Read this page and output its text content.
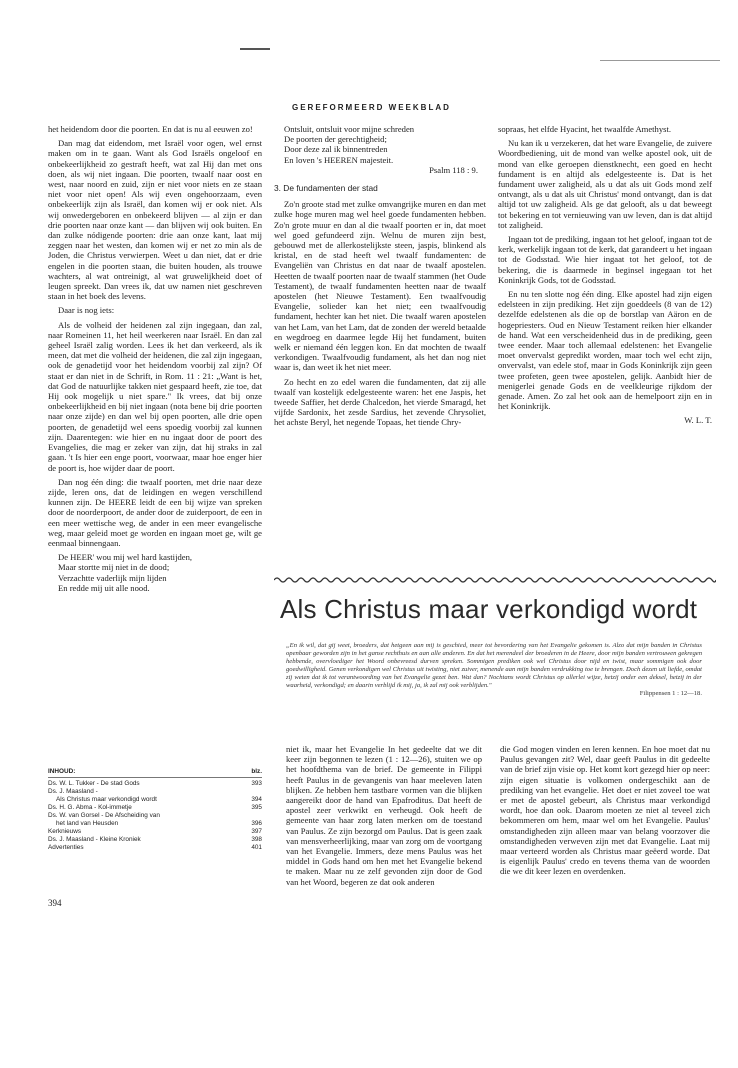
GEREFORMEERD WEEKBLAD

het heidendom door die poorten. En dat is nu al eeuwen zo!

Dan mag dat eidendom, met Israël voor ogen, wel ernst maken om in te gaan. Want als God Israëls ongeloof en onbekeerlijkheid zo gestraft heeft, wat zal Hij dan met ons doen, als wij niet ingaan. Die poorten, twaalf naar oost en west, naar noord en zuid, zijn er niet voor niets en ze staan niet voor niet open! Als wij even ongehoorzaam, even onbekeerlijk zijn als Israël, dan komen wij er ook niet. Als wij onwedergeboren en onbekeerd blijven — al zijn er dan drie poorten naar onze kant — dan blijven wij ook buiten. En dan zulke nódigende poorten: drie aan onze kant, laat mij zeggen naar het westen, dan komen wij er net zo min als de Joden, die Christus verwierpen. Weet u dan niet, dat er drie engelen in die poorten staan, die buiten houden, als trouwe wachters, al wat ontreinigt, al wat gruwelijkheid doet of leugen spreekt. Dan vrees ik, dat uw namen niet geschreven staan in het boek des levens.

Daar is nog iets:

Als de volheid der heidenen zal zijn ingegaan, dan zal, naar Romeinen 11, het heil weerkeren naar Israël. En dan zal geheel Israël zalig worden. Lees ik het dan verkeerd, als ik meen, dat met die volheid der heidenen, die zal zijn ingegaan, ook de genadetijd voor het heidendom voorbij zal zijn? Of staat er dan niet in de Schrift, in Rom. 11 : 21: „Want is het, dat God de natuurlijke takken niet gespaard heeft, zie toe, dat Hij ook mogelijk u niet spare." Ik vrees, dat bij onze onbekeerlijkheid en bij niet ingaan (nota bene bij drie poorten naar onze zijde) en dan wel bij open poorten, alle drie open poorten, de genadetijd wel eens spoedig voorbij zal kunnen zijn. Daarentegen: wie hier en nu ingaat door de poort des Evangelies, die mag er zeker van zijn, dat hij straks in zal gaan. 't Is hier een enge poort, voorwaar, maar hoe enger hier de poort is, hoe wijder daar de poort.

Dan nog één ding: die twaalf poorten, met drie naar deze zijde, leren ons, dat de leidingen en wegen verschillend kunnen zijn. De HEERE leidt de een bij wijze van spreken door de noorderpoort, de ander door de zuiderpoort, de een in een meer wettische weg, de ander in een meer evangelische weg, maar geleid moet ge worden en ingaan moet ge, wilt ge eenmaal binnengaan.

De HEER' wou mij wel hard kastijden,
Maar stortte mij niet in de dood;
Verzachtte vaderlijk mijn lijden
En redde mij uit alle nood.
INHOUD:	blz.
Ds. W. L. Tukker - De stad Gods	393
Ds. J. Maasland -
Als Christus maar verkondigd wordt	394
Ds. H. G. Abma - Kol-immetje	395
Ds. W. van Gorsel - De Afscheiding van
het land van Heusden	396
Kerknieuws	397
Ds. J. Maasland - Kleine Kroniek	398
Advertenties	401
394
Ontsluit, ontsluit voor mijne schreden
De poorten der gerechtigheid;
Door deze zal ik binnentreden
En loven 's HEEREN majesteit.
Psalm 118 : 9.
3. De fundamenten der stad

Zo'n groote stad met zulke omvangrijke muren en dan met zulke hoge muren mag wel heel goede fundamenten hebben. Zo'n grote muur en dan al die twaalf poorten er in, dat moet wel goed gefundeerd zijn. Welnu de muren zijn best, gebouwd met de allerkostelijkste steen, jaspis, blinkend als kristal, en de stad heeft wel twaalf fundamenten: de Evangeliën van Christus en dat naar de twaalf apostelen. Heetten de twaalf poorten naar de twaalf stammen (het Oude Testament), de twaalf fundamenten heetten naar de twaalf apostelen (het Nieuwe Testament). Een twaalfvoudig Evangelie, solieder kan het niet; een twaalfvoudig fundament, hechter kan het niet. Die twaalf waren apostelen van het Lam, van het Lam, dat de zonden der wereld betaalde en wegdroeg en daarmee legde Hij het fundament, buiten welk er niemand één leggen kon. En dat mochten de twaalf verkondigen. Twaalfvoudig fundament, als het dan nog niet waar is, dan weet ik het niet meer.

Zo hecht en zo edel waren die fundamenten, dat zij alle twaalf van kostelijk edelgesteente waren: het ene Jaspis, het tweede Saffier, het derde Chalcedon, het vierde Smaragd, het vijfde Sardonix, het zesde Sardius, het zevende Chrysoliet, het achste Beryl, het negende Topaas, het tiende Chry-

sopraas, het elfde Hyacint, het twaalfde Amethyst.

Nu kan ik u verzekeren, dat het ware Evangelie, de zuivere Woordbediening, uit de mond van welke apostel ook, uit de mond van elke geroepen dienstknecht, een goed en hecht fundament is en altijd als edelgesteente is. Dat is het fundament uwer zaligheid, als u dat als uit Gods mond zelf ontvangt, als u dat als uit Christus' mond ontvangt, dan is dat altijd tot uw zaligheid. Als ge dat gelooft, als u dat beweegt tot bekering en tot vernieuwing van uw leven, dan is dat altijd tot zaligheid.

Ingaan tot de prediking, ingaan tot het geloof, ingaan tot de kerk, werkelijk ingaan tot de kerk, dat garandeert u het ingaan tot de Godsstad. Wie hier ingaat tot het geloof, tot de bekering, die is daarmede in beginsel ingegaan tot het Koninkrijk Gods, tot de Godsstad.

En nu ten slotte nog één ding. Elke apostel had zijn eigen edelsteen in zijn prediking. Het zijn goeddeels (8 van de 12) dezelfde edelstenen als die op de borstlap van Aäron en de hogepriesters. Oud en Nieuw Testament reiken hier elkander de hand. Wat een verscheidenheid dus in de prediking, geen twee eender. Maar toch allemaal edelstenen: het Evangelie moet onvervalst gepredikt worden, maar toch wel echt zijn, onvervalst, van edele stof, maar in Gods Koninkrijk zijn geen twee profeten, geen twee apostelen, gelijk. Aanbidt hier de menigerlei genade Gods en de veelkleurige rijkdom der genade. Amen. Zo zal het ook aan de hemelpoort zijn en in het Koninkrijk.

W. L. T.
Als Christus maar verkondigd wordt
„En ik wil, dat gij weet, broeders, dat hetgeen aan mij is geschied, meer tot bevordering van het Evangelie gekomen is. Alzo dat mijn banden in Christus openbaar geworden zijn in het ganse rechthuis en aan alle anderen. En dat het merendeel der broederen in de Heere, door mijn banden vertrouwen gekregen hebbende, overvloediger het Woord onbevreesd durven spreken. Sommigen prediken ook wel Christus door nijd en twist, maar sommigen ook door goedwilligheid. Genen verkondigen wel Christus uit twisting, niet zuiver, menende aan mijn banden verdrukking toe te brengen. Doch dezen uit liefde, omdat zij weten dat ik tot verantwoording van het Evangelie gezet ben. Wat dan? Nochtans wordt Christus op allerlei wijze, hetzij onder een deksel, hetzij in der waarheid, verkondigd; en daarin verblijd ik mij, ja, ik zal mij ook verblijden."
Filippensen 1 : 12—18.

niet ik, maar het Evangelie In het gedeelte dat we dit keer zijn begonnen te lezen (1 : 12—26), stuiten we op het hoofdthema van de brief. De gemeente in Filippi heeft Paulus in de gevangenis van haar meeleven laten blijken. Ze hebben hem tastbare vormen van die blijken aangereikt door de hand van Epafroditus. Dat heeft de apostel zeer verkwikt en verheugd. Ook heeft de gemeente van haar zorg laten merken om de toestand van Paulus. Ze zijn bezorgd om Paulus. Dat is geen zaak van mensverheerlijking, maar van zorg om de voortgang van het Evangelie. Immers, deze mens Paulus was het middel in Gods hand om hen met het Evangelie bekend te maken. Maar nu ze zelf gevonden zijn door de God van het Woord, begeren ze dat ook anderen

die God mogen vinden en leren kennen. En hoe moet dat nu Paulus gevangen zit? Wel, daar geeft Paulus in dit gedeelte van de brief zijn visie op. Het komt kort gezegd hier op neer: zijn eigen situatie is volkomen ondergeschikt aan de prediking van het evangelie. Het doet er niet zoveel toe wat er met de apostel gebeurt, als Christus maar verkondigd wordt, hoe dan ook. Daarom moeten ze niet al teveel zich bekommeren om hem, maar wel om het Evangelie. Paulus' omstandigheden zijn alleen maar van belang voorzover die omstandigheden verweven zijn met dat Evangelie. Laat mij maar verteerd worden als Christus maar geëerd worde. Dat is eigenlijk Paulus' credo en tevens thema van de woorden die we dit keer lezen en overdenken.
